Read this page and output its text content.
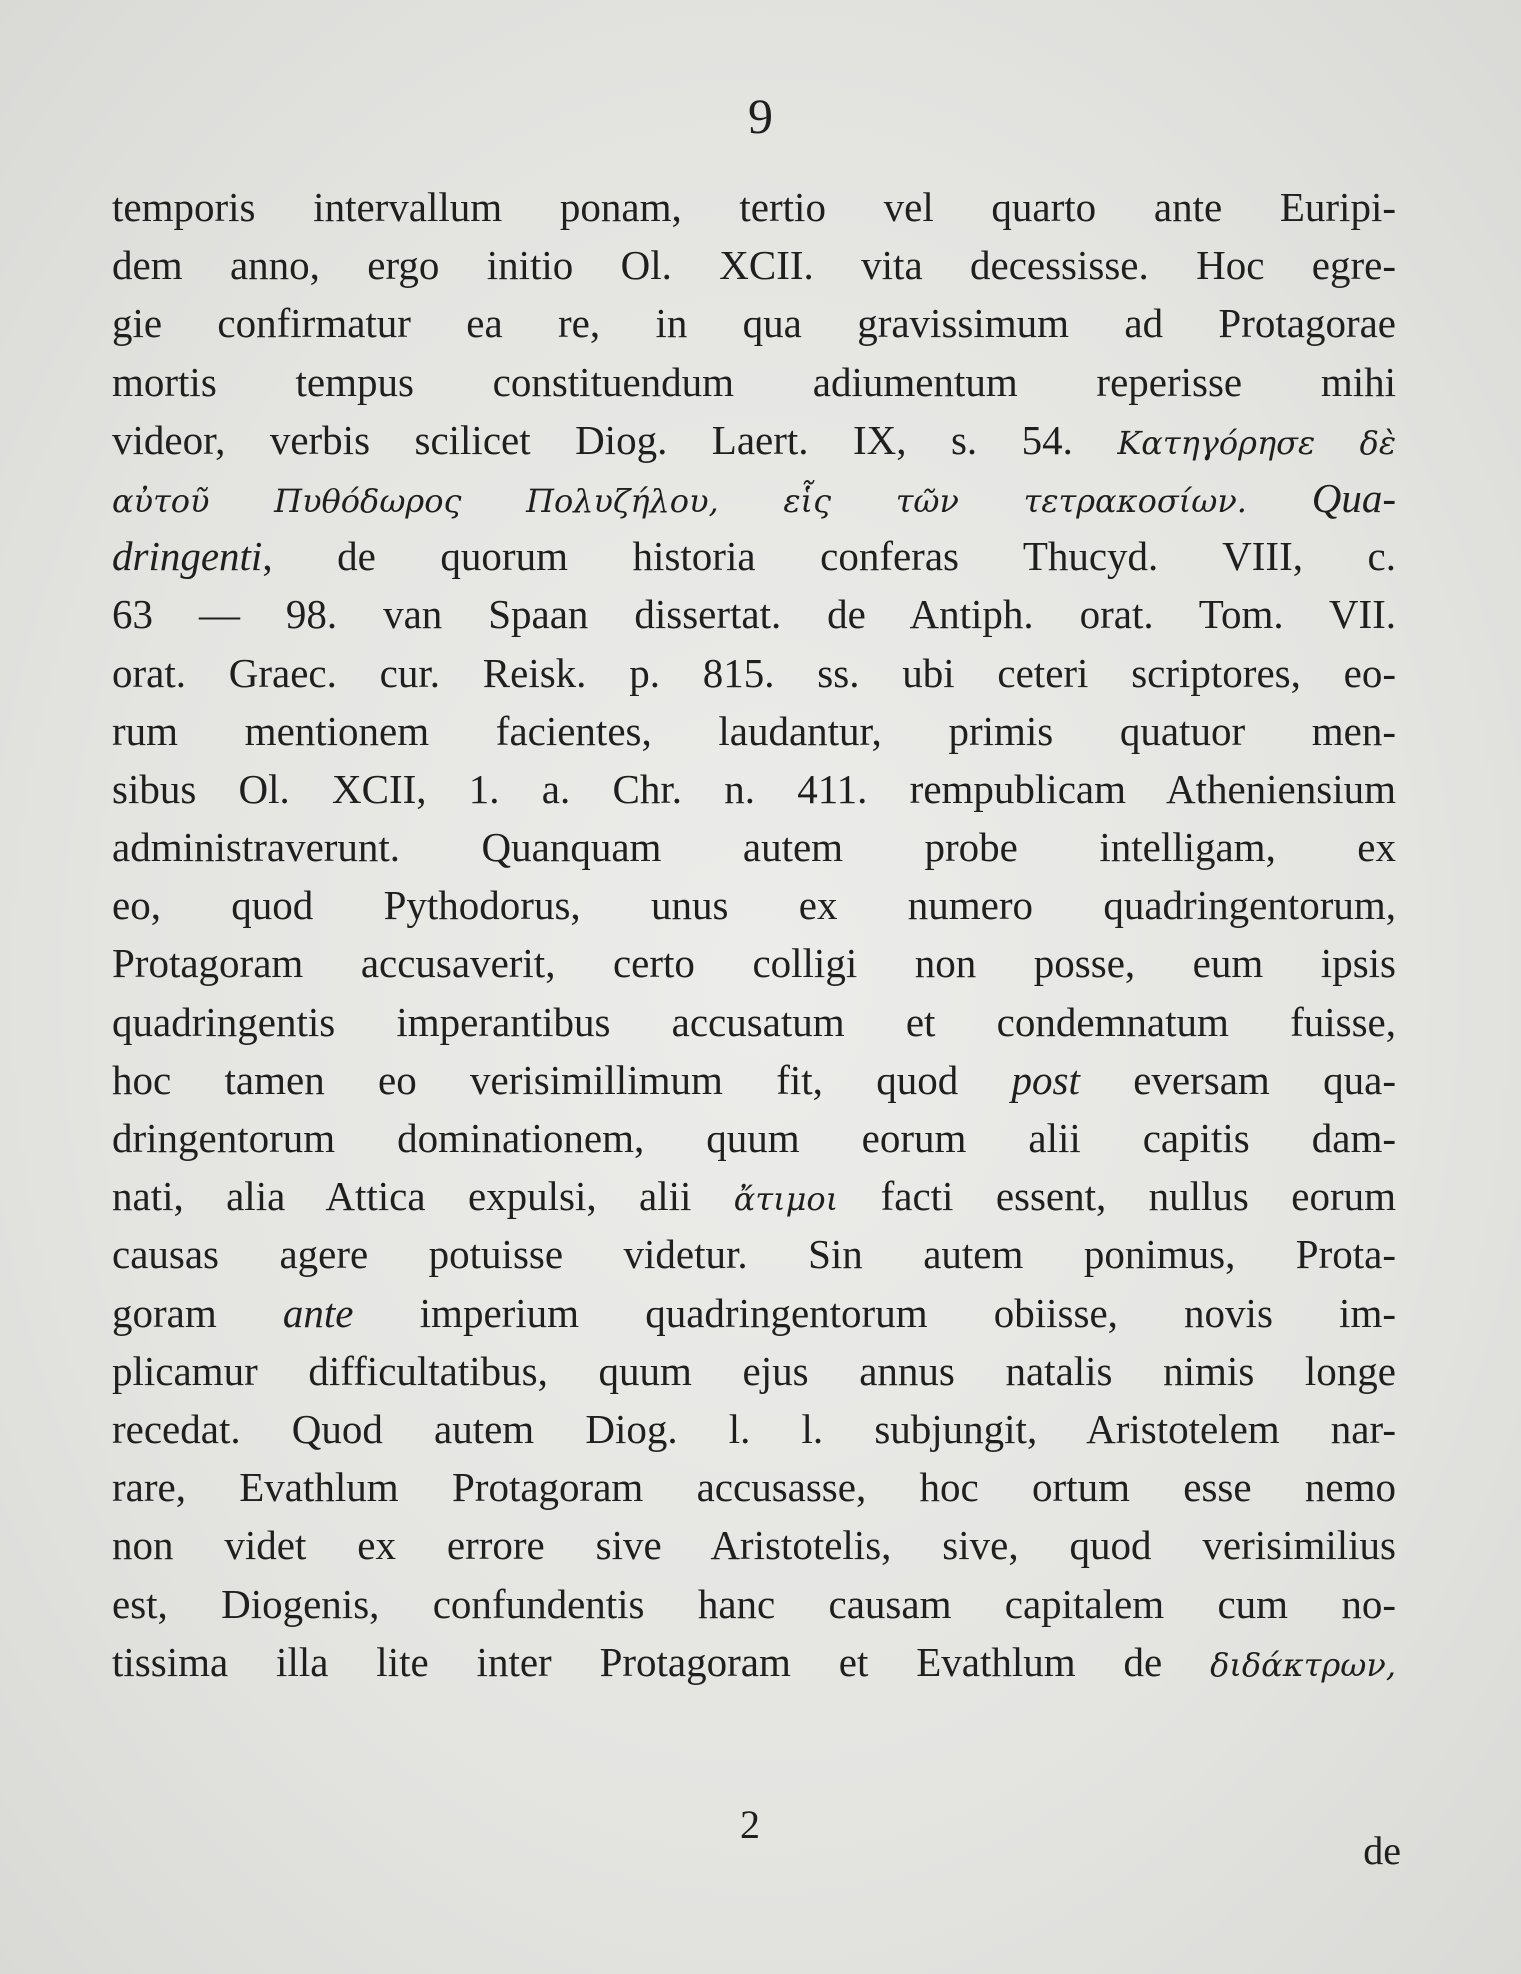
9
temporis intervallum ponam, tertio vel quarto ante Euripi-
dem anno, ergo initio Ol. XCII. vita decessisse. Hoc egre-
gie confirmatur ea re, in qua gravissimum ad Protagorae
mortis tempus constituendum adiumentum reperisse mihi
videor, verbis scilicet Diog. Laert. IX, s. 54. Κατηγόρησε δὲ
αὐτοῦ Πυθόδωρος Πολυζήλου, εἷς τῶν τετρακοσίων. Qua-
dringenti, de quorum historia conferas Thucyd. VIII, c.
63 — 98. van Spaan dissertat. de Antiph. orat. Tom. VII.
orat. Graec. cur. Reisk. p. 815. ss. ubi ceteri scriptores, eo-
rum mentionem facientes, laudantur, primis quatuor men-
sibus Ol. XCII, 1. a. Chr. n. 411. rempublicam Atheniensium
administraverunt. Quanquam autem probe intelligam, ex
eo, quod Pythodorus, unus ex numero quadringentorum,
Protagoram accusaverit, certo colligi non posse, eum ipsis
quadringentis imperantibus accusatum et condemnatum fuisse,
hoc tamen eo verisimillimum fit, quod post eversam qua-
dringentorum dominationem, quum eorum alii capitis dam-
nati, alia Attica expulsi, alii ἄτιμοι facti essent, nullus eorum
causas agere potuisse videtur. Sin autem ponimus, Prota-
goram ante imperium quadringentorum obiisse, novis im-
plicamur difficultatibus, quum ejus annus natalis nimis longe
recedat. Quod autem Diog. l. l. subjungit, Aristotelem nar-
rare, Evathlum Protagoram accusasse, hoc ortum esse nemo
non videt ex errore sive Aristotelis, sive, quod verisimilius
est, Diogenis, confundentis hanc causam capitalem cum no-
tissima illa lite inter Protagoram et Evathlum de διδάκτρων,
2
de
